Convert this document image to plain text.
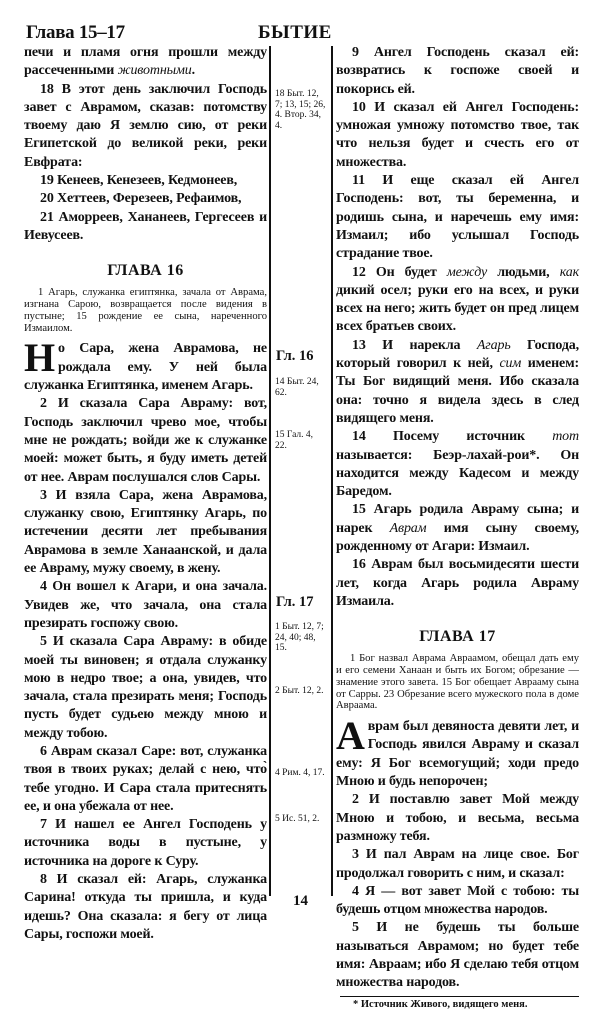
Глава 15–17	БЫТИЕ

печи и пламя огня прошли между рассеченными животными.

18 В этот день заключил Господь завет с Аврамом, сказав: потомству твоему даю Я землю сию, от реки Египетской до великой реки, реки Евфрата:

19 Кенеев, Кенезеев, Кедмонеев,

20 Хеттеев, Ферезеев, Рефаимов,

21 Аморреев, Хананеев, Гергесеев и Иевусеев.

ГЛАВА 16
1 Агарь, служанка египтянка, зачала от Аврама, изгнана Сарою, возвращается после видения в пустыне; 15 рождение ее сына, нареченного Измаилом.
Н о Сара, жена Аврамова, не рождала ему. У ней была служанка Египтянка, именем Агарь.

2 И сказала Сара Авраму: вот, Господь заключил чрево мое, чтобы мне не рождать; войди же к служанке моей: может быть, я буду иметь детей от нее. Аврам послушался слов Сары.

3 И взяла Сара, жена Аврамова, служанку свою, Египтянку Агарь, по истечении десяти лет пребывания Аврамова в земле Ханаанской, и дала ее Авраму, мужу своему, в жену.

4 Он вошел к Агари, и она зачала. Увидев же, что зачала, она стала презирать госпожу свою.

5 И сказала Сара Авраму: в обиде моей ты виновен; я отдала служанку мою в недро твое; а она, увидев, что зачала, стала презирать меня; Господь пусть будет судьею между мною и между тобою.

6 Аврам сказал Саре: вот, служанка твоя в твоих руках; делай с нею, что̀ тебе угодно. И Сара стала притеснять ее, и она убежала от нее.

7 И нашел ее Ангел Господень у источника воды в пустыне, у источника на дороге к Суру.

8 И сказал ей: Агарь, служанка Сарина! откуда ты пришла, и куда идешь? Она сказала: я бегу от лица Сары, госпожи моей.

18 Быт. 12, 7; 13, 15; 26, 4. Втор. 34, 4.
Гл. 16
14 Быт. 24, 62.
15 Гал. 4, 22.
Гл. 17
1 Быт. 12, 7; 24, 40; 48, 15.
2 Быт. 12, 2.
4 Рим. 4, 17.
5 Ис. 51, 2.

9 Ангел Господень сказал ей: возвратись к госпоже своей и покорись ей.

10 И сказал ей Ангел Господень: умножая умножу потомство твое, так что нельзя будет и счесть его от множества.

11 И еще сказал ей Ангел Господень: вот, ты беременна, и родишь сына, и наречешь ему имя: Измаил; ибо услышал Господь страдание твое.

12 Он будет между людьми, как дикий осел; руки его на всех, и руки всех на него; жить будет он пред лицем всех братьев своих.

13 И нарекла Агарь Господа, который говорил к ней, сим именем: Ты Бог видящий меня. Ибо сказала она: точно я видела здесь в след видящего меня.

14 Посему источник тот называется: Беэр-лахай-рои*. Он находится между Кадесом и между Баредом.

15 Агарь родила Авраму сына; и нарек Аврам имя сыну своему, рожденному от Агари: Измаил.

16 Аврам был восьмидесяти шести лет, когда Агарь родила Авраму Измаила.

ГЛАВА 17
1 Бог назвал Аврама Авраамом, обещал дать ему и его семени Ханаан и быть их Богом; обрезание — знамение этого завета. 15 Бог обещает Аврааму сына от Сарры. 23 Обрезание всего мужеского пола в доме Авраама.
А врам был девяноста девяти лет, и Господь явился Авраму и сказал ему: Я Бог всемогущий; ходи предо Мною и будь непорочен;

2 И поставлю завет Мой между Мною и тобою, и весьма, весьма размножу тебя.

3 И пал Аврам на лице свое. Бог продолжал говорить с ним, и сказал:

4 Я — вот завет Мой с тобою: ты будешь отцом множества народов.

5 И не будешь ты больше называться Аврамом; но будет тебе имя: Авраам; ибо Я сделаю тебя отцом множества народов.

* Источник Живого, видящего меня.
14
